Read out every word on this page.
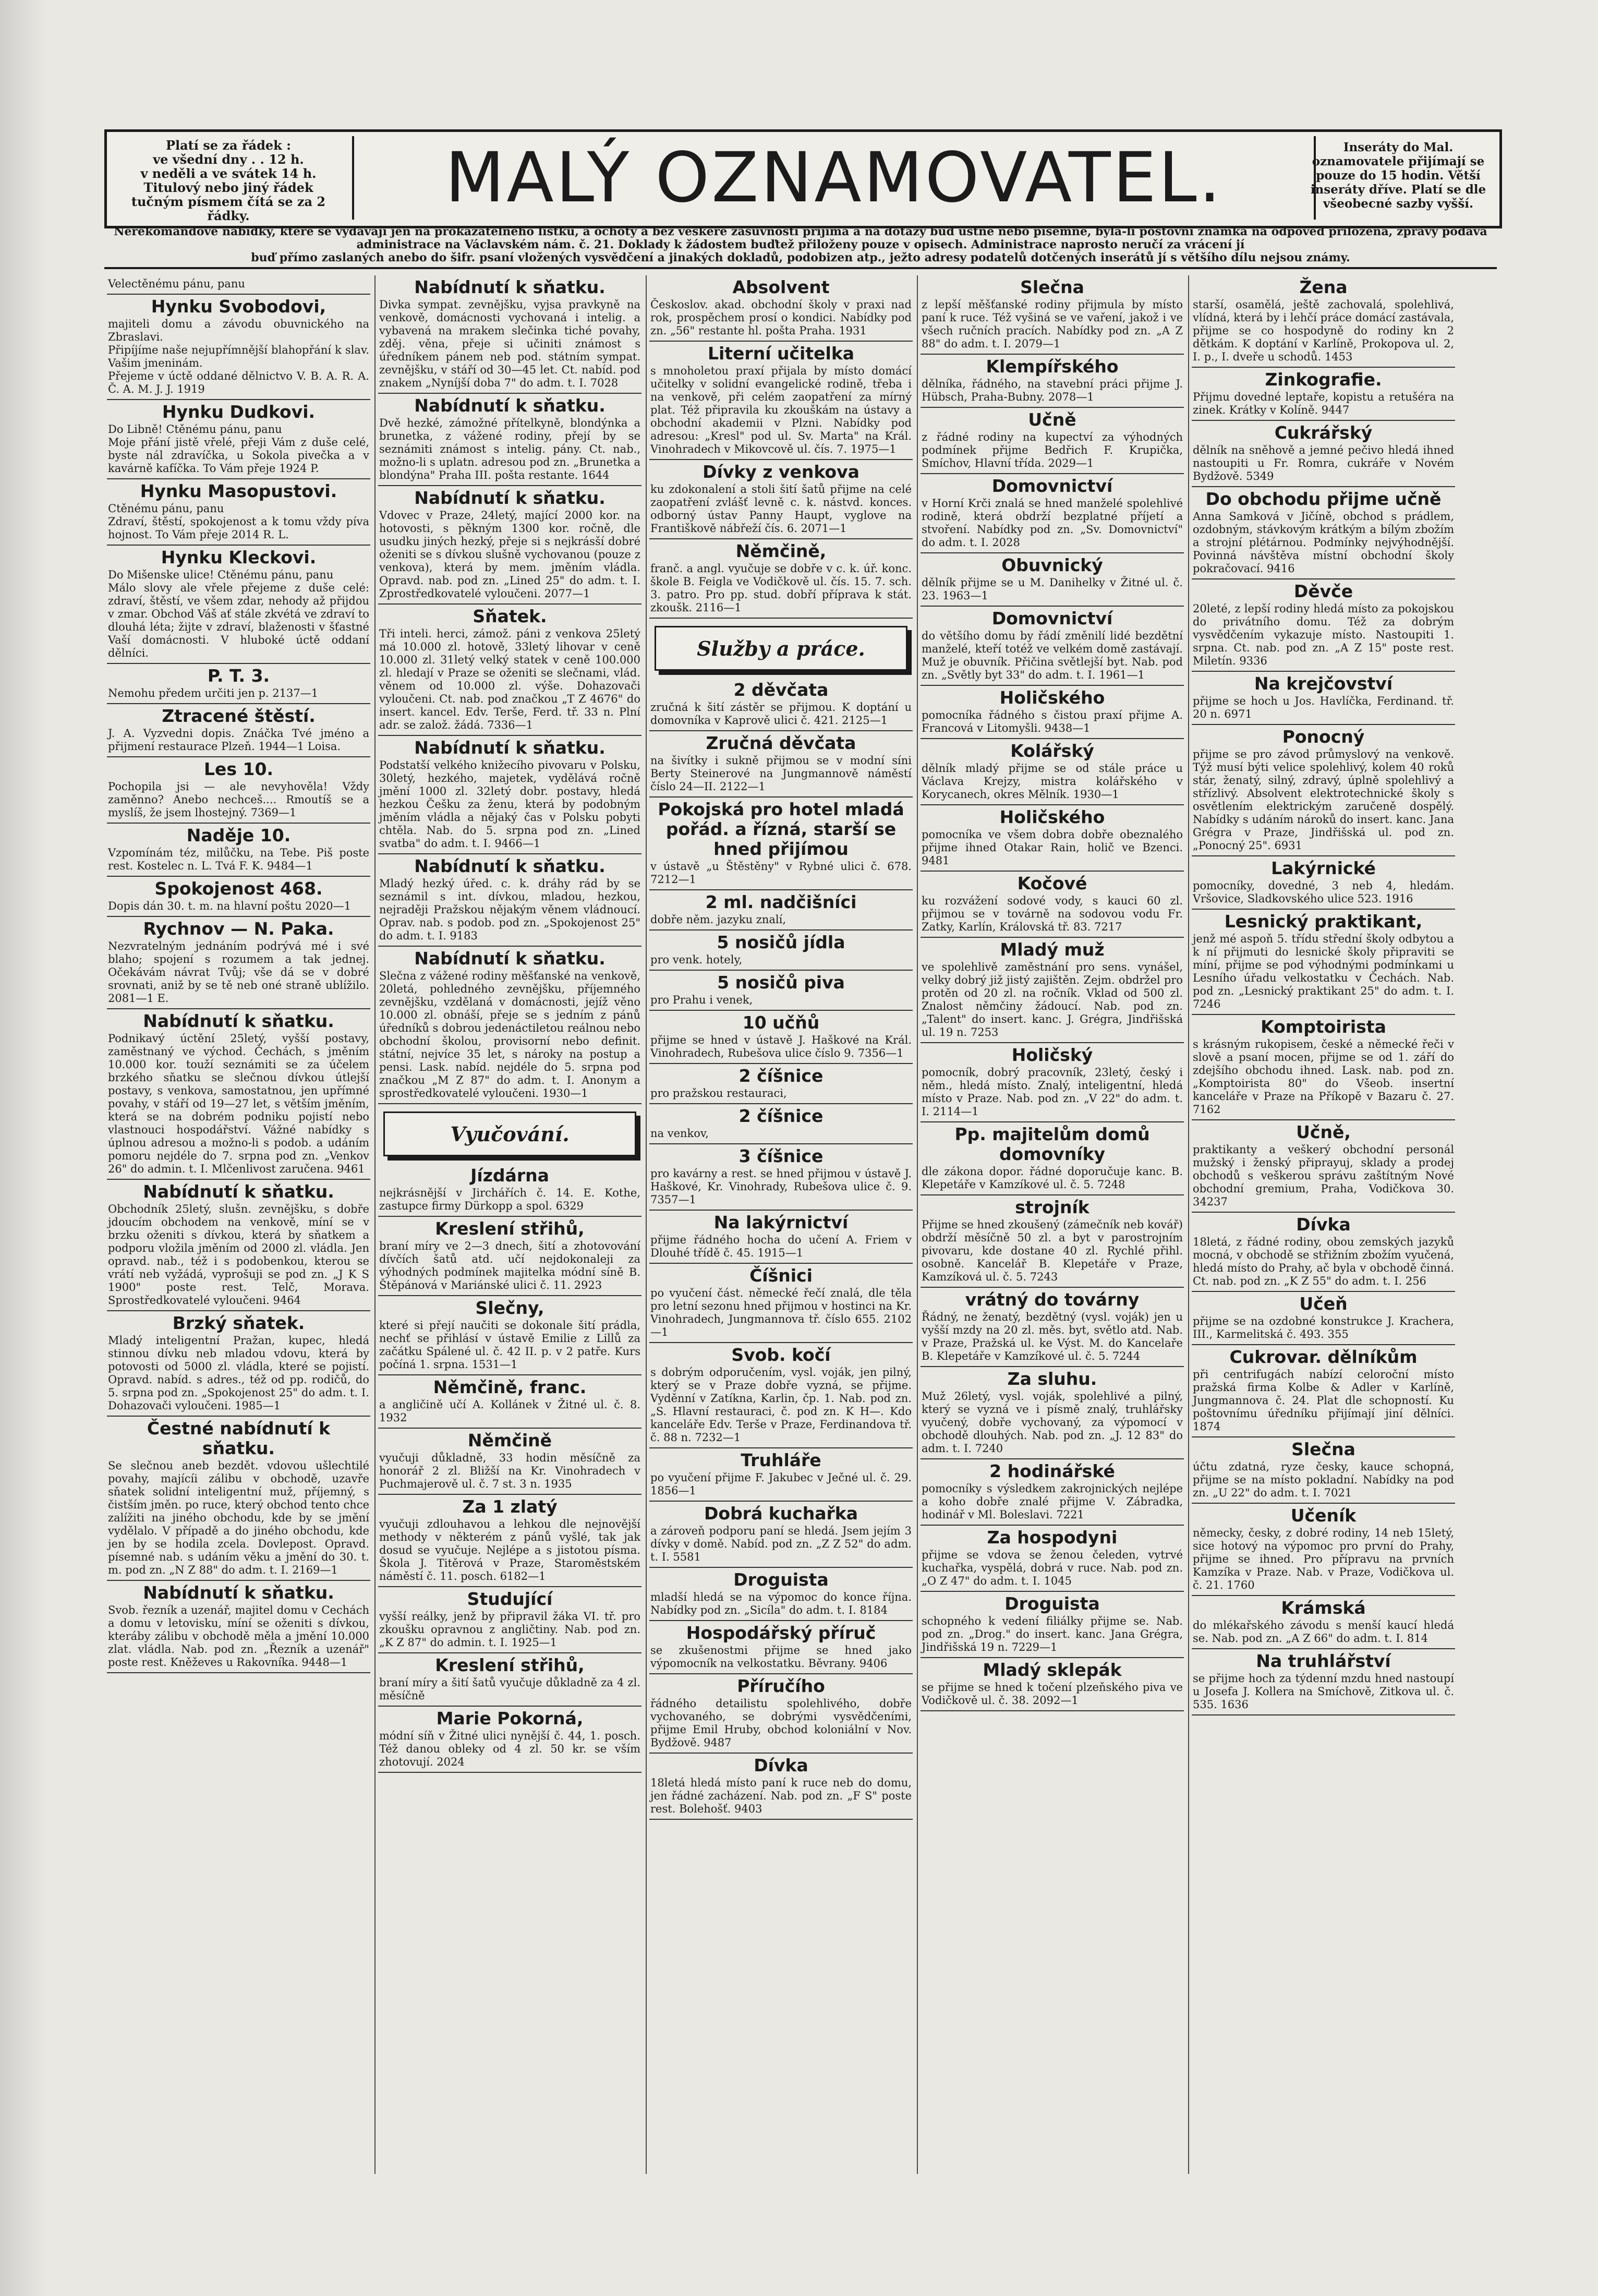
Platí se za řádek :
ve všední dny . . 12 h.
v neděli a ve svátek 14 h.
Titulový nebo jiný řádek tučným písmem čítá se za 2 řádky.	MALÝ OZNAMOVATEL.	Inseráty do Mal. oznamovatele přijímají se pouze do 15 hodin. Větší inseráty dříve. Platí se dle všeobecné sazby vyšší.
Nerekomandové nabídky, které se vydávají jen na prokazatelného lístku, a ochoty a bez veškeré zásuvnosti přijímá a na dotazy buď ústně nebo písemně, byla-li poštovní známka na odpověď přiložena, zprávy podává administrace na Václavském nám. č. 21. Doklady k žádostem buďtež přiloženy pouze v opisech. Administrace naprosto neručí za vrácení jí
buď přímo zaslaných anebo do šifr. psaní vložených vysvědčení a jinakých dokladů, podobizen atp., ježto adresy podatelů dotčených inserátů jí s většího dílu nejsou známy.

Velectěnému pánu, panu

Hynku Svobodovi,

majiteli domu a závodu obuvnického na Zbraslavi.
Připíjíme naše nejupřímnější blahopřání k slav. Vašim jmeninám.
Přejeme v úctě oddané dělnictvo V. B. A. R. A. Č. A. M. J. J. 1919

Hynku Dudkovi.

Do Libně! Ctěnému pánu, panu
Moje přání jistě vřelé, přeji Vám z duše celé, byste nál zdravíčka, u Sokola pivečka a v kavárně kafíčka. To Vám přeje 1924 P.

Hynku Masopustovi.

Ctěnému pánu, panu
Zdraví, štěstí, spokojenost a k tomu vždy píva hojnost. To Vám přeje 2014 R. L.

Hynku Kleckovi.

Do Mišenske ulice! Ctěnému pánu, panu
Málo slovy ale vřele přejeme z duše celé: zdraví, štěstí, ve všem zdar, nehody až přijdou v zmar. Obchod Váš ať stále zkvétá ve zdraví to dlouhá léta; žijte v zdraví, blaženosti v šťastné Vaší domácnosti. V hluboké úctě oddaní dělníci.

P. T. 3.

Nemohu předem určiti jen p. 2137—1

Ztracené štěstí.

J. A. Vyzvedni dopis. Znáčka Tvé jméno a přijmení restaurace Plzeň. 1944—1 Loisa.

Les 10.

Pochopila jsi — ale nevyhověla! Vždy zaměnno? Anebo nechceš.... Rmoutíš se a myslíš, že jsem lhostejný. 7369—1

Naděje 10.

Vzpomínám téz, milůčku, na Tebe. Piš poste rest. Kostelec n. L. Tvá F. K. 9484—1

Spokojenost 468.

Dopis dán 30. t. m. na hlavní poštu 2020—1

Rychnov — N. Paka.

Nezvratelným jednáním podrývá mé i své blaho; spojení s rozumem a tak jednej. Očekávám návrat Tvůj; vše dá se v dobré srovnati, aniž by se tě neb oné straně ublížilo. 2081—1 E.

Nabídnutí k sňatku.

Podnikavý úctění 25letý, vyšší postavy, zaměstnaný ve východ. Čechách, s jměním 10.000 kor. touží seznámiti se za účelem brzkého sňatku se slečnou dívkou útlejší postavy, s venkova, samostatnou, jen upřímné povahy, v stáří od 19—27 let, s větším jměním, která se na dobrém podniku pojistí nebo vlastnouci hospodářství. Vážné nabídky s úplnou adresou a možno-li s podob. a udáním pomoru nejdéle do 7. srpna pod zn. „Venkov 26" do admin. t. I. Mlčenlivost zaručena. 9461

Nabídnutí k sňatku.

Obchodník 25letý, slušn. zevnějšku, s dobře jdoucím obchodem na venkově, míní se v brzku oženiti s dívkou, která by sňatkem a podporu vložila jměním od 2000 zl. vládla. Jen opravd. nab., též i s podobenkou, kterou se vrátí neb vyžádá, vyprošuji se pod zn. „J K S 1900" poste rest. Telč, Morava. Sprostředkovatelé vyloučeni. 9464

Brzký sňatek.

Mladý inteligentní Pražan, kupec, hledá stinnou dívku neb mladou vdovu, která by potovosti od 5000 zl. vládla, které se pojistí. Opravd. nabíd. s adres., též od pp. rodičů, do 5. srpna pod zn. „Spokojenost 25" do adm. t. I. Dohazovači vyloučeni. 1985—1

Čestné nabídnutí k sňatku.

Se slečnou aneb bezdět. vdovou ušlechtilé povahy, majícíi zálibu v obchodě, uzavře sňatek solidní inteligentní muž, příjemný, s čistším jměn. po ruce, který obchod tento chce zalížiti na jiného obchodu, kde by se jmění vydělalo. V případě a do jiného obchodu, kde jen by se hodila zcela. Dovlepost. Opravd. písemné nab. s udáním věku a jmění do 30. t. m. pod zn. „N Z 88" do adm. t. I. 2169—1

Nabídnutí k sňatku.

Svob. řezník a uzenář, majitel domu v Cechách a domu v letovisku, míní se oženiti s dívkou, kteráby zálibu v obchodě měla a jmění 10.000 zlat. vládla. Nab. pod zn. „Řezník a uzenář" poste rest. Kněževes u Rakovníka. 9448—1

Nabídnutí k sňatku.

Divka sympat. zevnějšku, vyjsa pravkyně na venkově, domácnosti vychovaná i intelig. a vybavená na mrakem slečinka tiché povahy, zděj. věna, přeje si učiniti známost s úředníkem pánem neb pod. státním sympat. zevnějšku, v stáří od 30—45 let. Ct. nabíd. pod znakem „Nyníjší doba 7" do adm. t. I. 7028

Nabídnutí k sňatku.

Dvě hezké, zámožné přítelkyně, blondýnka a brunetka, z vážené rodiny, přejí by se seznámiti známost s intelig. pány. Ct. nab., možno-li s uplatn. adresou pod zn. „Brunetka a blondýna" Praha III. pošta restante. 1644

Nabídnutí k sňatku.

Vdovec v Praze, 24letý, mající 2000 kor. na hotovosti, s pěkným 1300 kor. ročně, dle usudku jiných hezký, přeje si s nejkrásší dobré oženiti se s dívkou slušně vychovanou (pouze z venkova), která by mem. jměním vládla. Opravd. nab. pod zn. „Lined 25" do adm. t. I. Zprostředkovatelé vyloučeni. 2077—1

Sňatek.

Tři inteli. herci, zámož. páni z venkova 25letý má 10.000 zl. hotově, 33letý lihovar v ceně 10.000 zl. 31letý velký statek v ceně 100.000 zl. hledají v Praze se oženiti se slečnami, vlád. věnem od 10.000 zl. výše. Dohazovači vyloučeni. Ct. nab. pod značkou „T Z 4676" do insert. kancel. Edv. Terše, Ferd. tř. 33 n. Plní adr. se založ. žádá. 7336—1

Nabídnutí k sňatku.

Podstatší velkého knižecího pivovaru v Polsku, 30letý, hezkého, majetek, vydělává ročně jmění 1000 zl. 32letý dobr. postavy, hledá hezkou Češku za ženu, která by podobným jměním vládla a nějaký čas v Polsku pobyti chtěla. Nab. do 5. srpna pod zn. „Lined svatba" do adm. t. I. 9466—1

Nabídnutí k sňatku.

Mladý hezký úřed. c. k. dráhy rád by se seznámil s int. dívkou, mladou, hezkou, nejraději Pražskou nějakým věnem vládnoucí. Oprav. nab. s podob. pod zn. „Spokojenost 25" do adm. t. I. 9183

Nabídnutí k sňatku.

Slečna z vážené rodiny měšťanské na venkově, 20letá, pohledného zevnějšku, příjemného zevnějšku, vzdělaná v domácnosti, jejíž věno 10.000 zl. obnáší, přeje se s jedním z pánů úředníků s dobrou jedenáctiletou reálnou nebo obchodní školou, provisorní nebo definit. státní, nejvíce 35 let, s nároky na postup a pensi. Lask. nabíd. nejdéle do 5. srpna pod značkou „M Z 87" do adm. t. I. Anonym a sprostředkovatelé vyloučeni. 1930—1

Vyučování.
Jízdárna

nejkrásnější v Jirchářích č. 14. E. Kothe, zastupce firmy Dürkopp a spol. 6329

Kreslení střihů,

braní míry ve 2—3 dnech, šití a zhotovování dívčích šatů atd. učí nejdokonaleji za výhodných podmínek majitelka módní síně B. Štěpánová v Mariánské ulici č. 11. 2923

Slečny,

které si přejí naučiti se dokonale šití prádla, nechť se přihlásí v ústavě Emilie z Lillů za začátku Spálené ul. č. 42 II. p. v 2 patře. Kurs počíná 1. srpna. 1531—1

Němčině, franc.

a angličině učí A. Kollánek v Žitné ul. č. 8. 1932

Němčině

vyučuji důkladně, 33 hodin měsíčně za honorář 2 zl. Bližší na Kr. Vinohradech v Puchmajerově ul. č. 7 st. 3 n. 1935

Za 1 zlatý

vyučuji zdlouhavou a lehkou dle nejnovější methody v některém z pánů vyšlé, tak jak dosud se vyučuje. Nejlépe a s jistotou písma. Škola J. Titěrová v Praze, Staroměstském náměstí č. 11. posch. 6182—1

Studující

vyšší reálky, jenž by připravil žáka VI. tř. pro zkoušku opravnou z angličtiny. Nab. pod zn. „K Z 87" do admin. t. I. 1925—1

Kreslení střihů,

braní míry a šití šatů vyučuje důkladně za 4 zl. měsíčně

Marie Pokorná,

módní síň v Žitné ulici nynější č. 44, 1. posch. Též danou obleky od 4 zl. 50 kr. se vším zhotovují. 2024

Absolvent

Českoslov. akad. obchodní školy v praxi nad rok, prospěchem prosí o kondici. Nabídky pod zn. „56" restante hl. pošta Praha. 1931

Literní učitelka

s mnoholetou praxí přijala by místo domácí učitelky v solidní evangelické rodině, třeba i na venkově, při celém zaopatření za mírný plat. Též připravila ku zkouškám na ústavy a obchodní akademii v Plzni. Nabídky pod adresou: „Kresl" pod ul. Sv. Marta" na Král. Vinohradech v Mikovcově ul. čís. 7. 1975—1

Dívky z venkova

ku zdokonalení a stoli šití šatů přijme na celé zaopatření zvlášť levně c. k. nástvd. konces. odborný ústav Panny Haupt, vyglove na Františkově nábřeží čís. 6. 2071—1

Němčině,

franč. a angl. vyučuje se dobře v c. k. úř. konc. škole B. Feigla ve Vodičkově ul. čís. 15. 7. sch. 3. patro. Pro pp. stud. dobří příprava k stát. zkoušk. 2116—1

Služby a práce.
2 děvčata

zručná k šití zástěr se přijmou. K doptání u domovníka v Kaprově ulici č. 421. 2125—1

Zručná děvčata

na šivítky i sukně přijmou se v modní síni Berty Steinerové na Jungmannově náměstí číslo 24—II. 2122—1

Pokojská pro hotel mladá pořád. a řízná, starší se hned přijímou

v ústavě „u Štěstěny" v Rybné ulici č. 678. 7212—1

2 ml. nadčišníci

dobře něm. jazyku znalí,

5 nosičů jídla

pro venk. hotely,

5 nosičů piva

pro Prahu i venek,

10 učňů

přijme se hned v ústavě J. Haškové na Král. Vinohradech, Rubešova ulice číslo 9. 7356—1

2 číšnice

pro pražskou restauraci,

2 číšnice

na venkov,

3 číšnice

pro kavárny a rest. se hned přijmou v ústavě J. Haškové, Kr. Vinohrady, Rubešova ulice č. 9. 7357—1

Na lakýrnictví

přijme řádného hocha do učení A. Friem v Dlouhé třídě č. 45. 1915—1

Číšnici

po vyučení část. německé řečí znalá, dle těla pro letní sezonu hned přijmou v hostinci na Kr. Vinohradech, Jungmannova tř. číslo 655. 2102—1

Svob. kočí

s dobrým odporučením, vysl. voják, jen pilný, který se v Praze dobře vyzná, se přijme. Vyděnní v Zatíkna, Karlin, čp. 1. Nab. pod zn. „S. Hlavní restauraci, č. pod zn. K H—. Kdo kanceláře Edv. Terše v Praze, Ferdinandova tř. č. 88 n. 7232—1

Truhláře

po vyučení přijme F. Jakubec v Ječné ul. č. 29. 1856—1

Dobrá kuchařka

a zároveň podporu paní se hledá. Jsem jejím 3 dívky v domě. Nabíd. pod zn. „Z Z 52" do adm. t. I. 5581

Droguista

mladší hledá se na výpomoc do konce října. Nabídky pod zn. „Sicíla" do adm. t. I. 8184

Hospodářský příruč

se zkušenostmi přijme se hned jako výpomocník na velkostatku. Běvrany. 9406

Příručího

řádného detailistu spolehlivého, dobře vychovaného, se dobrými vysvědčeními, přijme Emil Hruby, obchod koloniální v Nov. Bydžově. 9487

Dívka

18letá hledá místo paní k ruce neb do domu, jen řádné zacházení. Nab. pod zn. „F S" poste rest. Bolehošť. 9403

Slečna

z lepší měšťanské rodiny přijmula by místo paní k ruce. Též vyšiná se ve vaření, jakož i ve všech ručních pracích. Nabídky pod zn. „A Z 88" do adm. t. I. 2079—1

Klempířského

dělníka, řádného, na stavební práci přijme J. Hübsch, Praha-Bubny. 2078—1

Učně

z řádné rodiny na kupectví za výhodných podmínek přijme Bedřich F. Krupička, Smíchov, Hlavní třída. 2029—1

Domovnictví

v Horní Krči znalá se hned manželé spolehlivé rodině, která obdrží bezplatné příjetí a stvoření. Nabídky pod zn. „Sv. Domovnictví" do adm. t. I. 2028

Obuvnický

dělník přijme se u M. Danihelky v Žitné ul. č. 23. 1963—1

Domovnictví

do většího domu by řádí změnilí lidé bezdětní manželé, kteří totéž ve velkém domě zastávají. Muž je obuvník. Přičina světlejší byt. Nab. pod zn. „Světly byt 33" do adm. t. I. 1961—1

Holičského

pomocníka řádného s čistou praxí přijme A. Francová v Litomyšli. 9438—1

Kolářský

dělník mladý přijme se od stále práce u Václava Krejzy, mistra kolářského v Korycanech, okres Mělník. 1930—1

Holičského

pomocníka ve všem dobra dobře obeznalého přijme ihned Otakar Rain, holič ve Bzenci. 9481

Kočové

ku rozvážení sodové vody, s kauci 60 zl. přijmou se v továrně na sodovou vodu Fr. Zatky, Karlín, Královská tř. 83. 7217

Mladý muž

ve spolehlivě zaměstnání pro sens. vynášel, velky dobrý již jistý zajištěn. Zejm. obdržel pro protěn od 20 zl. na ročník. Vklad od 500 zl. Znalost němčiny žádoucí. Nab. pod zn. „Talent" do insert. kanc. J. Grégra, Jindřišská ul. 19 n. 7253

Holičský

pomocník, dobrý pracovník, 23letý, český i něm., hledá místo. Znalý, inteligentní, hledá místo v Praze. Nab. pod zn. „V 22" do adm. t. I. 2114—1

Pp. majitelům domů domovníky

dle zákona dopor. řádné doporučuje kanc. B. Klepetáře v Kamzíkové ul. č. 5. 7248

strojník

Přijme se hned zkoušený (zámečník neb kovář) obdrží měsíčně 50 zl. a byt v parostrojním pivovaru, kde dostane 40 zl. Rychlé přihl. osobně. Kancelář B. Klepetáře v Praze, Kamzíková ul. č. 5. 7243

vrátný do továrny

Řádný, ne ženatý, bezdětný (vysl. voják) jen u vyšší mzdy na 20 zl. měs. byt, světlo atd. Nab. v Praze, Pražská ul. ke Výst. M. do Kancelaře B. Klepetáře v Kamzíkové ul. č. 5. 7244

Za sluhu.

Muž 26letý, vysl. voják, spolehlivé a pilný, který se vyzná ve i písmě znalý, truhlářsky vyučený, dobře vychovaný, za výpomocí v obchodě dlouhých. Nab. pod zn. „J. 12 83" do adm. t. I. 7240

2 hodinářské

pomocníky s výsledkem zakrojnických nejlépe a koho dobře znalé přijme V. Zábradka, hodinář v Ml. Boleslavi. 7221

Za hospodyni

přijme se vdova se ženou čeleden, vytrvé kuchařka, vyspělá, dobrá v ruce. Nab. pod zn. „O Z 47" do adm. t. I. 1045

Droguista

schopného k vedení filiálky přijme se. Nab. pod zn. „Drog." do insert. kanc. Jana Grégra, Jindřišská 19 n. 7229—1

Mladý sklepák

se přijme se hned k točení plzeňského piva ve Vodičkově ul. č. 38. 2092—1

Žena

starší, osamělá, ještě zachovalá, spolehlivá, vlídná, která by i lehčí práce domácí zastávala, přijme se co hospodyně do rodiny kn 2 dětkám. K doptání v Karlíně, Prokopova ul. 2, I. p., I. dveře u schodů. 1453

Zinkografie.

Přijmu dovedné leptaře, kopistu a retušéra na zinek. Krátky v Kolíně. 9447

Cukrářský

dělník na sněhově a jemné pečivo hledá ihned nastoupiti u Fr. Romra, cukráře v Novém Bydžově. 5349

Do obchodu přijme učně

Anna Samková v Jičíně, obchod s prádlem, ozdobným, stávkovým krátkým a bílým zbožím a strojní plétárnou. Podmínky nejvýhodnější. Povinná návštěva místní obchodní školy pokračovací. 9416

Děvče

20leté, z lepší rodiny hledá místo za pokojskou do privátního domu. Též za dobrým vysvědčením vykazuje místo. Nastoupiti 1. srpna. Ct. nab. pod zn. „A Z 15" poste rest. Miletín. 9336

Na krejčovství

přijme se hoch u Jos. Havlíčka, Ferdinand. tř. 20 n. 6971

Ponocný

přijme se pro závod průmyslový na venkově. Týž musí býti velice spolehlivý, kolem 40 roků stár, ženatý, silný, zdravý, úplně spolehlivý a střízlivý. Absolvent elektrotechnické školy s osvětlením elektrickým zaručeně dospělý. Nabídky s udáním nároků do insert. kanc. Jana Grégra v Praze, Jindřišská ul. pod zn. „Ponocný 25". 6931

Lakýrnické

pomocníky, dovedné, 3 neb 4, hledám. Vršovice, Sladkovského ulice 523. 1916

Lesnický praktikant,

jenž mé aspoň 5. třídu střední školy odbytou a k ní přijmuti do lesnické školy připraviti se míní, přijme se pod výhodnými podmínkami u Lesního úřadu velkostatku v Čechách. Nab. pod zn. „Lesnický praktikant 25" do adm. t. I. 7246

Komptoirista

s krásným rukopisem, české a německé řeči v slově a psaní mocen, přijme se od 1. září do zdejšího obchodu ihned. Lask. nab. pod zn. „Komptoirista 80" do Všeob. insertní kanceláře v Praze na Příkopě v Bazaru č. 27. 7162

Učně,

praktikanty a veškerý obchodní personál mužský i ženský připrayuj, sklady a prodej obchodů s veškerou správu zaštítným Nové obchodní gremium, Praha, Vodičkova 30. 34237

Dívka

18letá, z řádné rodiny, obou zemských jazyků mocná, v obchodě se střižním zbožím vyučená, hledá místo do Prahy, ač byla v obchodě činná. Ct. nab. pod zn. „K Z 55" do adm. t. I. 256

Učeň

přijme se na ozdobné konstrukce J. Krachera, III., Karmelitská č. 493. 355

Cukrovar. dělníkům

při centrifugách nabízí celoroční místo pražská firma Kolbe & Adler v Karlíně, Jungmannova č. 24. Plat dle schopností. Ku poštovnímu úředníku přijímají jiní dělníci. 1874

Slečna

účtu zdatná, ryze česky, kauce schopná, přijme se na místo pokladní. Nabídky na pod zn. „U 22" do adm. t. I. 7021

Učeník

německy, česky, z dobré rodiny, 14 neb 15letý, sice hotový na výpomoc pro první do Prahy, přijme se ihned. Pro přípravu na prvních Kamzíka v Praze. Nab. v Praze, Vodičkova ul. č. 21. 1760

Krámská

do mlékařského závodu s menší kaucí hledá se. Nab. pod zn. „A Z 66" do adm. t. I. 814

Na truhlářství

se přijme hoch za týdenní mzdu hned nastoupí u Josefa J. Kollera na Smíchově, Zitkova ul. č. 535. 1636
